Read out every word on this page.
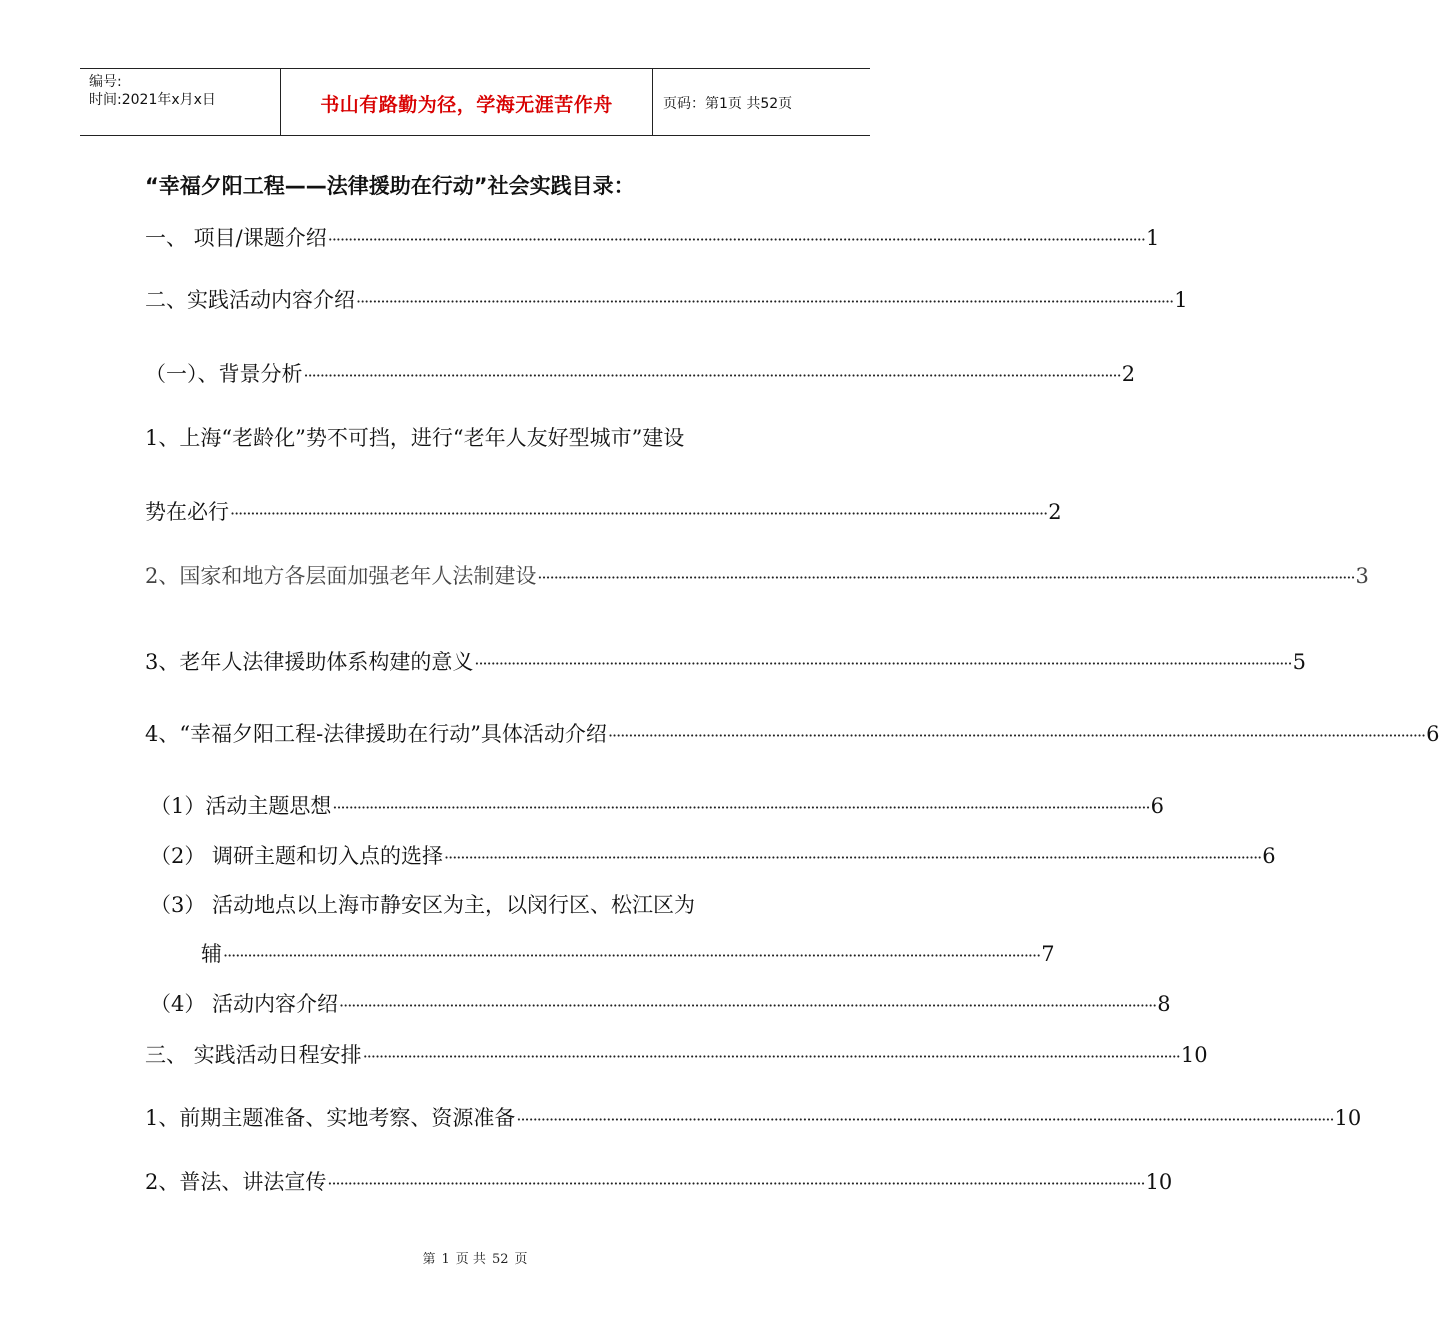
编号:
时间:2021年x月x日	书山有路勤为径，学海无涯苦作舟	页码：第1页 共52页
“幸福夕阳工程——法律援助在行动”社会实践目录：
一、 项目/课题介绍 ········································································································································································································ 1
二、实践活动内容介绍 ········································································································································································································ 1
（一）、背景分析 ········································································································································································································ 2
1、上海“老龄化”势不可挡，进行“老年人友好型城市”建设
势在必行 ········································································································································································································ 2
2、国家和地方各层面加强老年人法制建设 ········································································································································································································ 3
3、老年人法律援助体系构建的意义 ········································································································································································································ 5
4、“幸福夕阳工程-法律援助在行动”具体活动介绍 ········································································································································································································ 6
（1）活动主题思想 ········································································································································································································ 6
（2） 调研主题和切入点的选择 ········································································································································································································ 6
（3） 活动地点以上海市静安区为主，以闵行区、松江区为
辅 ········································································································································································································ 7
（4） 活动内容介绍 ········································································································································································································ 8
三、 实践活动日程安排 ········································································································································································································ 10
1、前期主题准备、实地考察、资源准备 ········································································································································································································ 10
2、普法、讲法宣传 ········································································································································································································ 10
第 1 页 共 52 页
